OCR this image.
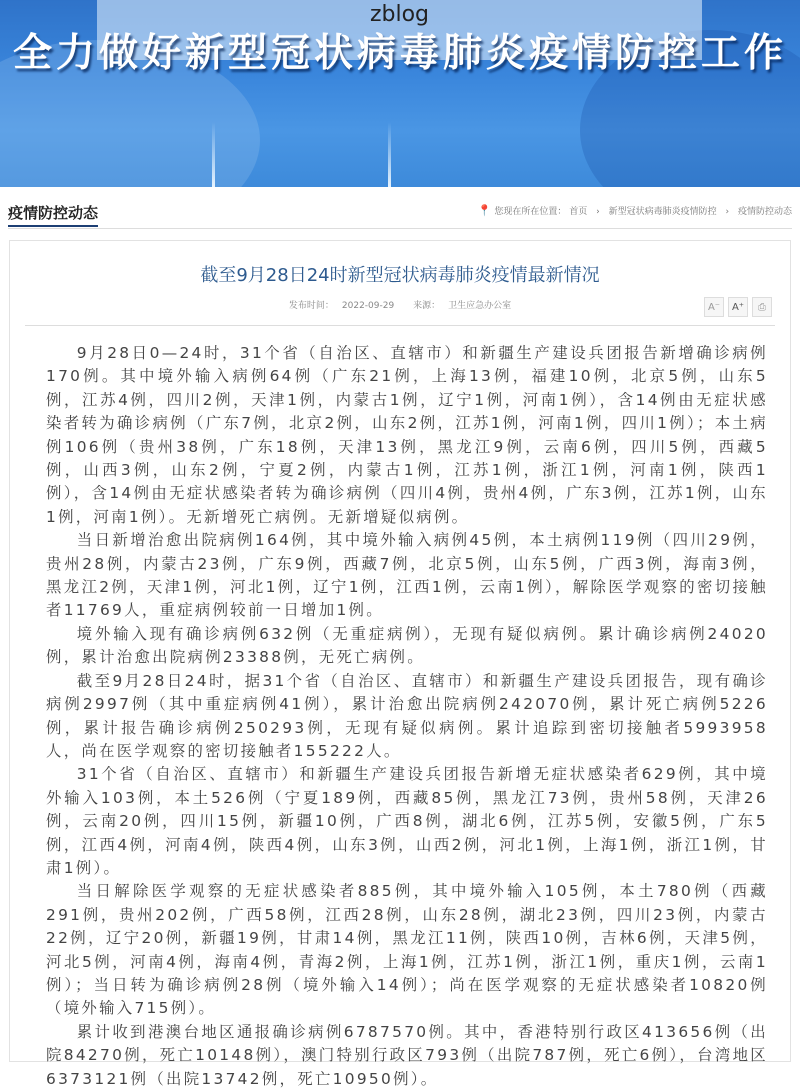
zblog
全力做好新型冠状病毒肺炎疫情防控工作
疫情防控动态	📍 您现在所在位置： 首页 › 新型冠状病毒肺炎疫情防控 › 疫情防控动态
截至9月28日24时新型冠状病毒肺炎疫情最新情况
发布时间： 2022-09-29 来源： 卫生应急办公室	A⁻	A⁺	⎙

9月28日0—24时，31个省（自治区、直辖市）和新疆生产建设兵团报告新增确诊病例170例。其中境外输入病例64例（广东21例，上海13例，福建10例，北京5例，山东5例，江苏4例，四川2例，天津1例，内蒙古1例，辽宁1例，河南1例），含14例由无症状感染者转为确诊病例（广东7例，北京2例，山东2例，江苏1例，河南1例，四川1例）；本土病例106例（贵州38例，广东18例，天津13例，黑龙江9例，云南6例，四川5例，西藏5例，山西3例，山东2例，宁夏2例，内蒙古1例，江苏1例，浙江1例，河南1例，陕西1例），含14例由无症状感染者转为确诊病例（四川4例，贵州4例，广东3例，江苏1例，山东1例，河南1例）。无新增死亡病例。无新增疑似病例。

当日新增治愈出院病例164例，其中境外输入病例45例，本土病例119例（四川29例，贵州28例，内蒙古23例，广东9例，西藏7例，北京5例，山东5例，广西3例，海南3例，黑龙江2例，天津1例，河北1例，辽宁1例，江西1例，云南1例），解除医学观察的密切接触者11769人，重症病例较前一日增加1例。

境外输入现有确诊病例632例（无重症病例），无现有疑似病例。累计确诊病例24020例，累计治愈出院病例23388例，无死亡病例。

截至9月28日24时，据31个省（自治区、直辖市）和新疆生产建设兵团报告，现有确诊病例2997例（其中重症病例41例），累计治愈出院病例242070例，累计死亡病例5226例，累计报告确诊病例250293例，无现有疑似病例。累计追踪到密切接触者5993958人，尚在医学观察的密切接触者155222人。

31个省（自治区、直辖市）和新疆生产建设兵团报告新增无症状感染者629例，其中境外输入103例，本土526例（宁夏189例，西藏85例，黑龙江73例，贵州58例，天津26例，云南20例，四川15例，新疆10例，广西8例，湖北6例，江苏5例，安徽5例，广东5例，江西4例，河南4例，陕西4例，山东3例，山西2例，河北1例，上海1例，浙江1例，甘肃1例）。

当日解除医学观察的无症状感染者885例，其中境外输入105例，本土780例（西藏291例，贵州202例，广西58例，江西28例，山东28例，湖北23例，四川23例，内蒙古22例，辽宁20例，新疆19例，甘肃14例，黑龙江11例，陕西10例，吉林6例，天津5例，河北5例，河南4例，海南4例，青海2例，上海1例，江苏1例，浙江1例，重庆1例，云南1例）；当日转为确诊病例28例（境外输入14例）；尚在医学观察的无症状感染者10820例（境外输入715例）。

累计收到港澳台地区通报确诊病例6787570例。其中，香港特别行政区413656例（出院84270例，死亡10148例），澳门特别行政区793例（出院787例，死亡6例），台湾地区6373121例（出院13742例，死亡10950例）。
